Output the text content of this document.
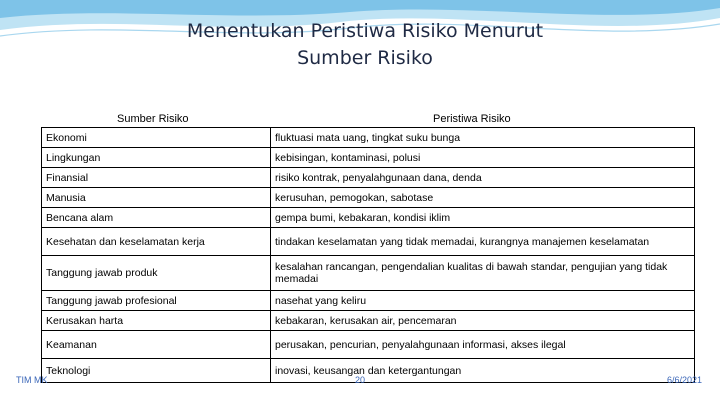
Menentukan Peristiwa Risiko Menurut Sumber Risiko
Sumber Risiko	Peristiwa Risiko
Ekonomi	fluktuasi mata uang, tingkat suku bunga
Lingkungan	kebisingan, kontaminasi, polusi
Finansial	risiko kontrak, penyalahgunaan dana, denda
Manusia	kerusuhan, pemogokan, sabotase
Bencana alam	gempa bumi, kebakaran, kondisi iklim
Kesehatan dan keselamatan kerja	tindakan keselamatan yang tidak memadai, kurangnya manajemen keselamatan
Tanggung jawab produk	kesalahan rancangan, pengendalian kualitas di bawah standar, pengujian yang tidak memadai
Tanggung jawab profesional	nasehat yang keliru
Kerusakan harta	kebakaran, kerusakan air, pencemaran
Keamanan	perusakan, pencurian, penyalahgunaan informasi, akses ilegal
Teknologi	inovasi, keusangan dan ketergantungan
TIM MK	20	6/6/2021
